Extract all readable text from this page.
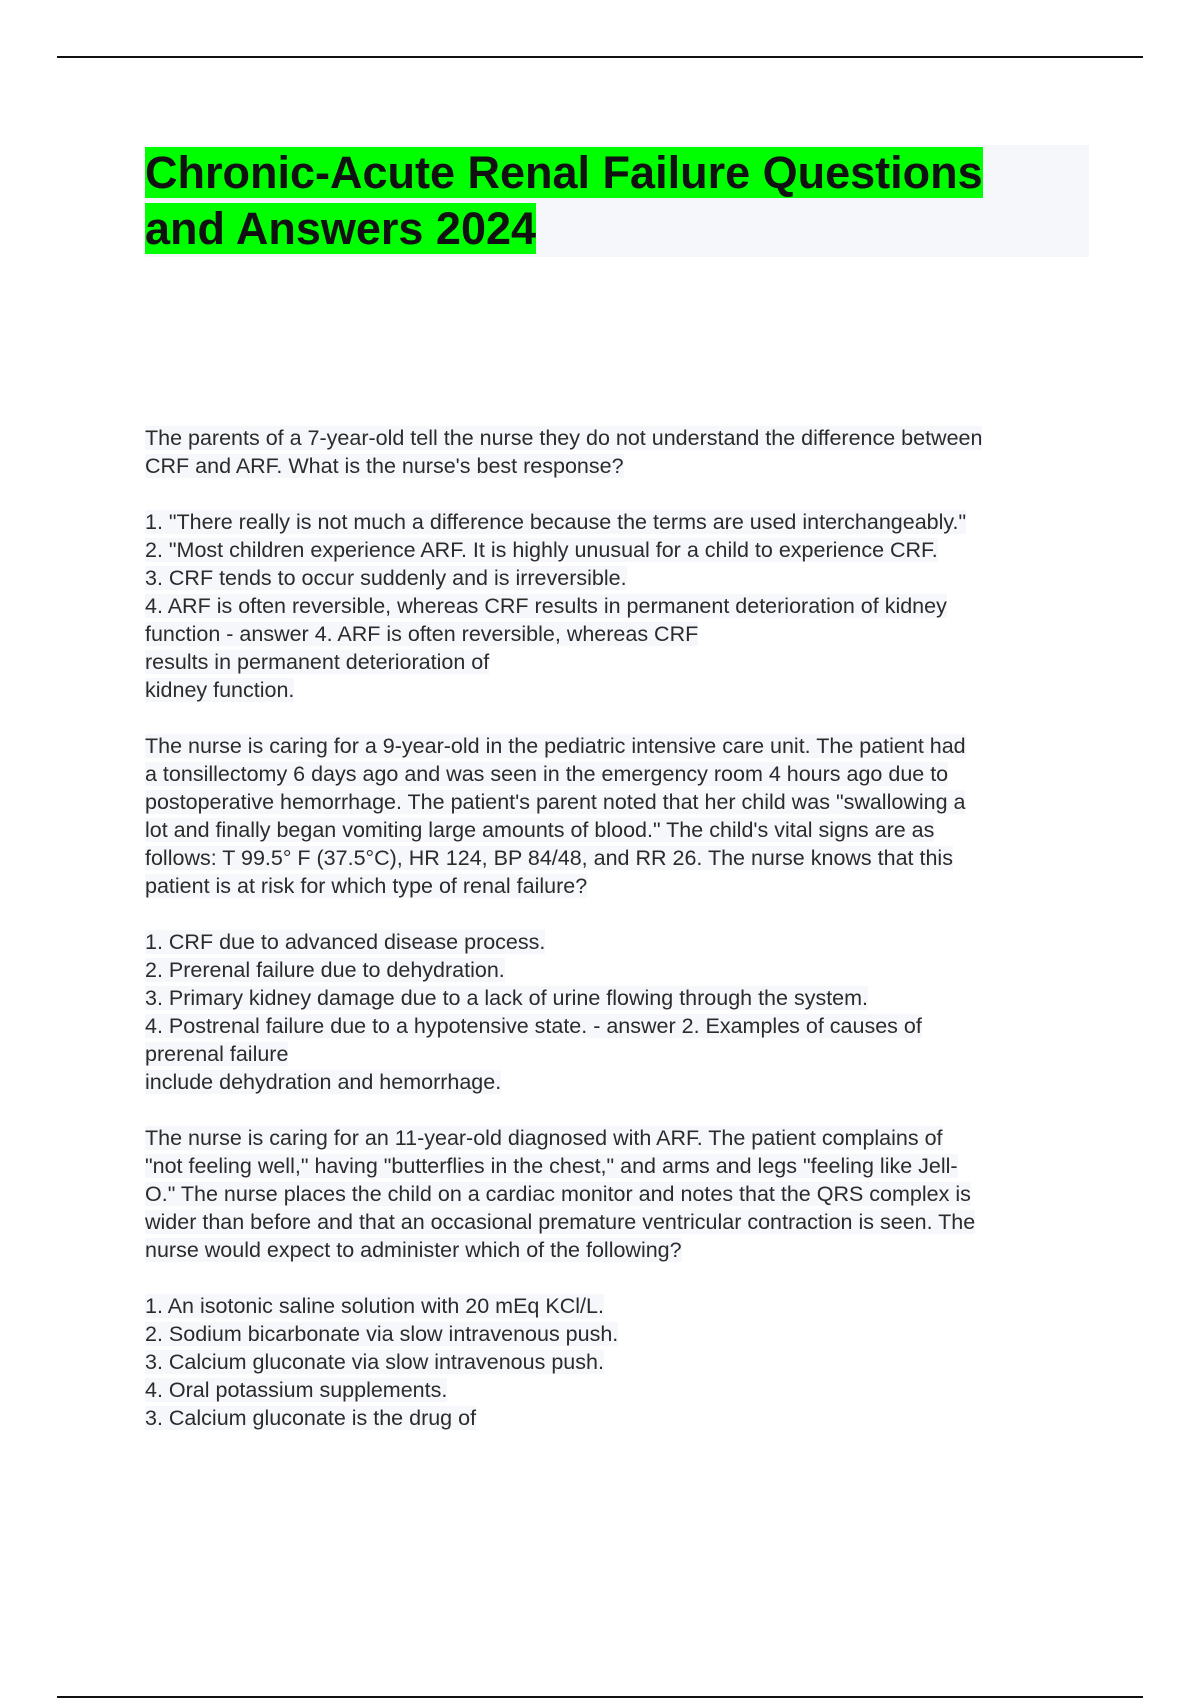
Chronic-Acute Renal Failure Questions
and Answers 2024

The parents of a 7-year-old tell the nurse they do not understand the difference between
CRF and ARF. What is the nurse's best response?

1. "There really is not much a difference because the terms are used interchangeably."
2. "Most children experience ARF. It is highly unusual for a child to experience CRF.
3. CRF tends to occur suddenly and is irreversible.
4. ARF is often reversible, whereas CRF results in permanent deterioration of kidney
function - answer 4. ARF is often reversible, whereas CRF
results in permanent deterioration of
kidney function.

The nurse is caring for a 9-year-old in the pediatric intensive care unit. The patient had
a tonsillectomy 6 days ago and was seen in the emergency room 4 hours ago due to
postoperative hemorrhage. The patient's parent noted that her child was "swallowing a
lot and finally began vomiting large amounts of blood." The child's vital signs are as
follows: T 99.5° F (37.5°C), HR 124, BP 84/48, and RR 26. The nurse knows that this
patient is at risk for which type of renal failure?

1. CRF due to advanced disease process.
2. Prerenal failure due to dehydration.
3. Primary kidney damage due to a lack of urine flowing through the system.
4. Postrenal failure due to a hypotensive state. - answer 2. Examples of causes of
prerenal failure
include dehydration and hemorrhage.

The nurse is caring for an 11-year-old diagnosed with ARF. The patient complains of
"not feeling well," having "butterflies in the chest," and arms and legs "feeling like Jell-
O." The nurse places the child on a cardiac monitor and notes that the QRS complex is
wider than before and that an occasional premature ventricular contraction is seen. The
nurse would expect to administer which of the following?

1. An isotonic saline solution with 20 mEq KCl/L.
2. Sodium bicarbonate via slow intravenous push.
3. Calcium gluconate via slow intravenous push.
4. Oral potassium supplements.
3. Calcium gluconate is the drug of
